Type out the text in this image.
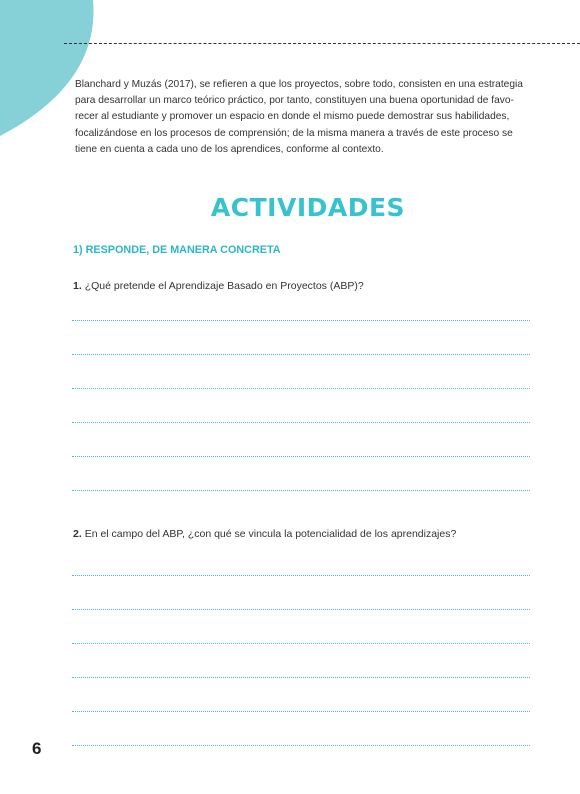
Blanchard y Muzás (2017), se refieren a que los proyectos, sobre todo, consisten en una estrategia
para desarrollar un marco teórico práctico, por tanto, constituyen una buena oportunidad de favo-
recer al estudiante y promover un espacio en donde el mismo puede demostrar sus habilidades,
focalizándose en los procesos de comprensión; de la misma manera a través de este proceso se
tiene en cuenta a cada uno de los aprendices, conforme al contexto.

ACTIVIDADES
1) RESPONDE, DE MANERA CONCRETA

1. ¿Qué pretende el Aprendizaje Basado en Proyectos (ABP)?

2. En el campo del ABP, ¿con qué se vincula la potencialidad de los aprendizajes?

6
